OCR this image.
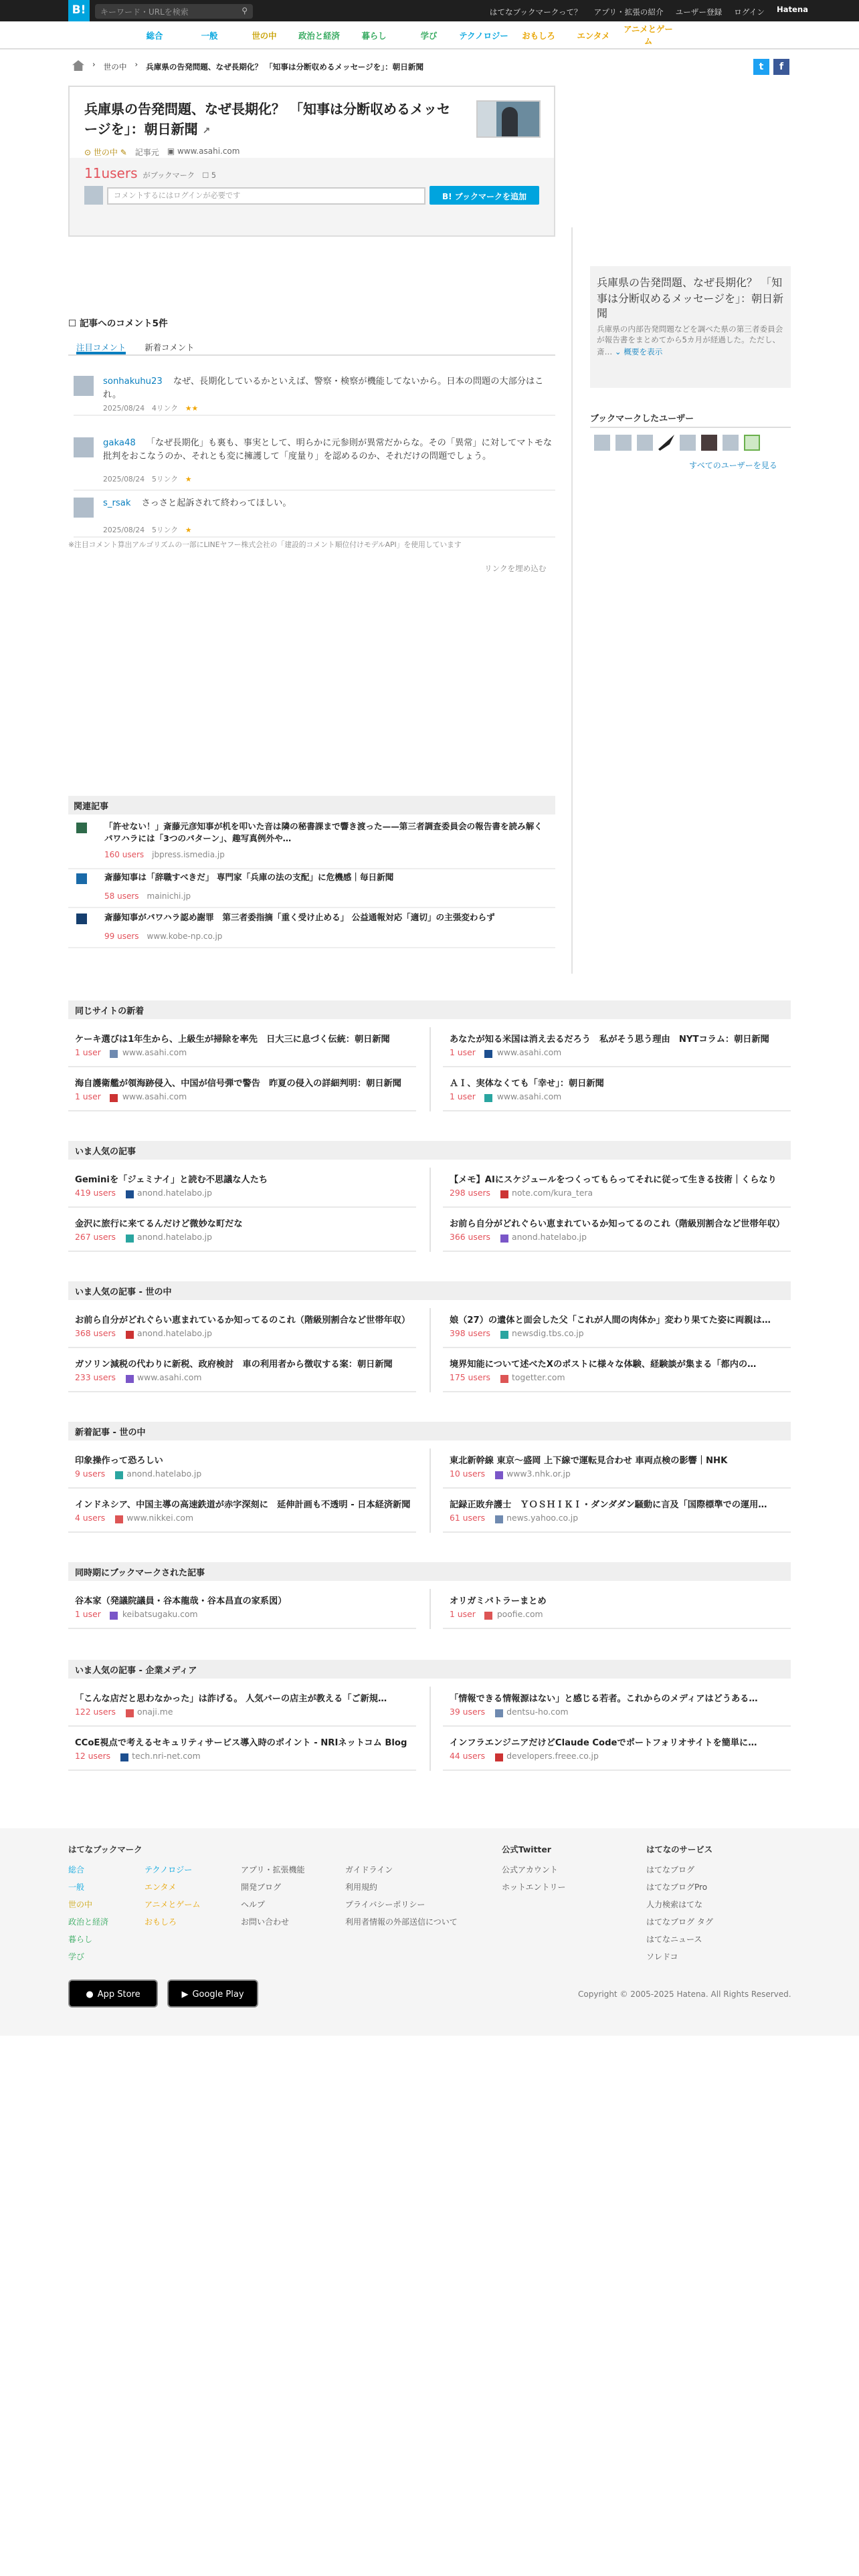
B!	キーワード・URLを検索	⚲	はてなブックマークって？	アプリ・拡張の紹介	ユーザー登録	ログイン	Hatena
総合	一般	世の中	政治と経済	暮らし	学び	テクノロジー	おもしろ	エンタメ
アニメとゲーム
› 世の中 › 兵庫県の告発問題、なぜ長期化？ 「知事は分断収めるメッセージを」：朝日新聞	t	f
兵庫県の告発問題、なぜ長期化？ 「知事は分断収めるメッセージを」：朝日新聞 ↗

⊙ 世の中 ✎ 記事元 ▣ www.asahi.com
11users がブックマーク　☐ 5
コメントするにはログインが必要です	B! ブックマークを追加
兵庫県の告発問題、なぜ長期化？ 「知事は分断収めるメッセージを」：朝日新聞

兵庫県の内部告発問題などを調べた県の第三者委員会が報告書をまとめてから5カ月が経過した。ただし、斎… ⌄ 概要を表示

ブックマークしたユーザー
すべてのユーザーを見る
☐ 記事へのコメント5件
注目コメント	新着コメント
sonhakuhu23 なぜ、長期化しているかといえば、警察・検察が機能してないから。日本の問題の大部分はこれ。
2025/08/24　 4リンク　 ★★
gaka48 「なぜ長期化」も裏も、事実として、明らかに元参則が異常だからな。その「異常」に対してマトモな批判をおこなうのか、それとも変に擁護して「度量り」を認めるのか、それだけの問題でしょう。
2025/08/24　 5リンク　 ★
s_rsak さっさと起訴されて終わってほしい。
2025/08/24　 5リンク　 ★
※注目コメント算出アルゴリズムの一部にLINEヤフー株式会社の「建設的コメント順位付けモデルAPI」を使用しています
リンクを埋め込む
関連記事
「許せない！」斎藤元彦知事が机を叩いた音は隣の秘書課まで響き渡った——第三者調査委員会の報告書を読み解く パワハラには「3つのパターン」、趣写真例外や…
160 users jbpress.ismedia.jp
斎藤知事は「辞職すべきだ」 専門家「兵庫の法の支配」に危機感｜毎日新聞
58 users mainichi.jp
斎藤知事がパワハラ認め謝罪　第三者委指摘「重く受け止める」 公益通報対応「適切」の主張変わらず
99 users www.kobe-np.co.jp
同じサイトの新着
ケーキ選びは1年生から、上級生が掃除を率先　日大三に息づく伝統：朝日新聞
1 user	www.asahi.com
あなたが知る米国は消え去るだろう　私がそう思う理由　NYTコラム：朝日新聞
1 user	www.asahi.com
海自護衛艦が領海跡侵入、中国が信号弾で警告　昨夏の侵入の詳細判明：朝日新聞
1 user	www.asahi.com
ＡＩ、実体なくても「幸せ」：朝日新聞
1 user	www.asahi.com
いま人気の記事
Geminiを「ジェミナイ」と読む不思議な人たち
419 users	anond.hatelabo.jp
【メモ】AIにスケジュールをつくってもらってそれに従って生きる技術｜くらなり
298 users	note.com/kura_tera
金沢に旅行に来てるんだけど微妙な町だな
267 users	anond.hatelabo.jp
お前ら自分がどれぐらい恵まれているか知ってるのこれ（階級別割合など世帯年収）
366 users	anond.hatelabo.jp
いま人気の記事 - 世の中
お前ら自分がどれぐらい恵まれているか知ってるのこれ（階級別割合など世帯年収）
368 users	anond.hatelabo.jp
娘（27）の遺体と面会した父「これが人間の肉体か」変わり果てた姿に両親は…
398 users	newsdig.tbs.co.jp
ガソリン減税の代わりに新税、政府検討　車の利用者から徴収する案：朝日新聞
233 users	www.asahi.com
境界知能について述べたXのポストに様々な体験、経験談が集まる「都内の…
175 users	togetter.com
新着記事 - 世の中
印象操作って恐ろしい
9 users	anond.hatelabo.jp
東北新幹線 東京～盛岡 上下線で運転見合わせ 車両点検の影響｜NHK
10 users	www3.nhk.or.jp
インドネシア、中国主導の高速鉄道が赤字深刻に　延伸計画も不透明 - 日本経済新聞
4 users	www.nikkei.com
記録正敗弁護士　ＹＯＳＨＩＫＩ・ダンダダン騒動に言及「国際標準での運用…
61 users	news.yahoo.co.jp
同時期にブックマークされた記事
谷本家（発議院議員・谷本龍哉・谷本昌直の家系図）
1 user	keibatsugaku.com
オリガミバトラーまとめ
1 user	poofie.com
いま人気の記事 - 企業メディア
「こんな店だと思わなかった」は詐げる。 人気バーの店主が教える「ご新規…
122 users	onaji.me
「情報できる情報源はない」と感じる若者。これからのメディアはどうある…
39 users	dentsu-ho.com
CCoE視点で考えるセキュリティサービス導入時のポイント - NRIネットコム Blog
12 users	tech.nri-net.com
インフラエンジニアだけどClaude Codeでポートフォリオサイトを簡単に…
44 users	developers.freee.co.jp
はてなブックマーク
総合
一般
世の中
政治と経済
暮らし
学び
テクノロジー
エンタメ
アニメとゲーム
おもしろ
アプリ・拡張機能
開発ブログ
ヘルプ
お問い合わせ
ガイドライン
利用規約
プライバシーポリシー
利用者情報の外部送信について
公式Twitter
公式アカウント
ホットエントリー
はてなのサービス
はてなブログ
はてなブログPro
人力検索はてな
はてなブログ タグ
はてなニュース
ソレドコ
● App Store	▶ Google Play	Copyright © 2005-2025 Hatena. All Rights Reserved.
